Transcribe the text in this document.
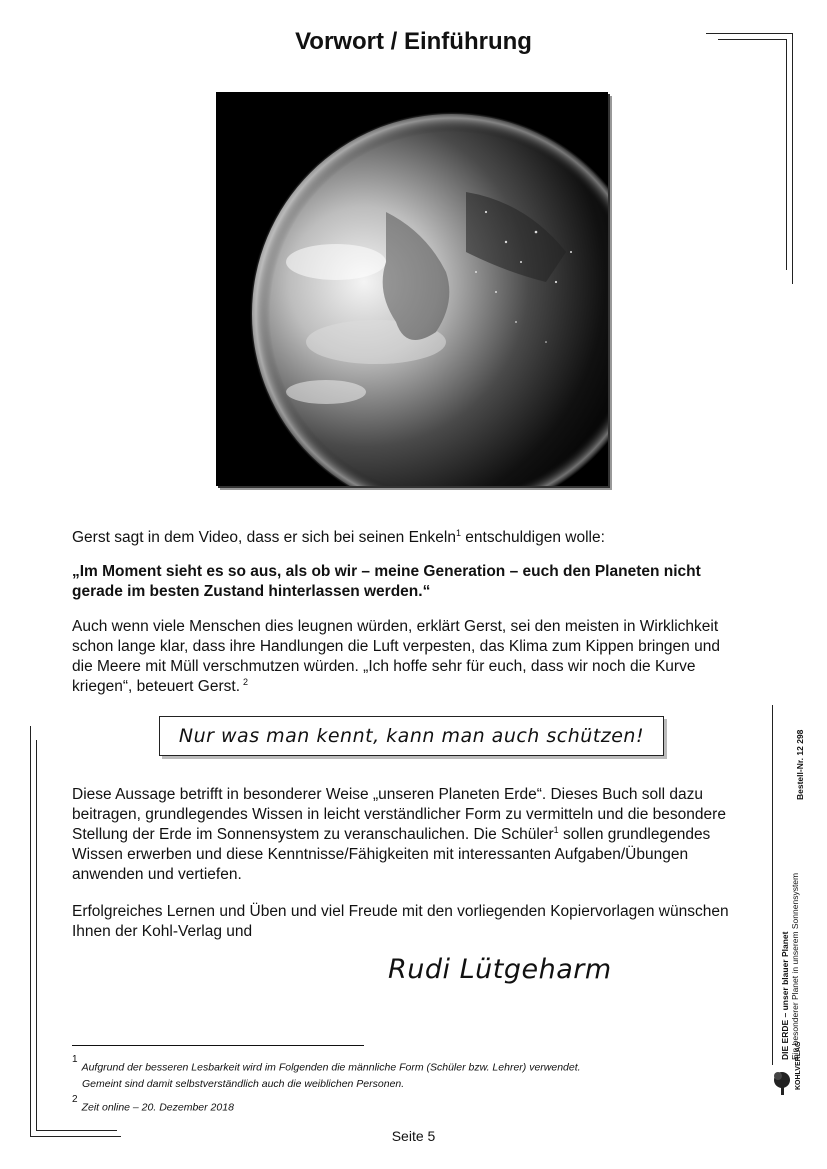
Vorwort / Einführung

Gerst sagt in dem Video, dass er sich bei seinen Enkeln$^1$ entschuldigen wolle:

„Im Moment sieht es so aus, als ob wir – meine Generation – euch den Planeten nicht gerade im besten Zustand hinterlassen werden.“

Auch wenn viele Menschen dies leugnen würden, erklärt Gerst, sei den meisten in Wirklichkeit schon lange klar, dass ihre Handlungen die Luft verpesten, das Klima zum Kippen bringen und die Meere mit Müll verschmutzen würden. „Ich hoffe sehr für euch, dass wir noch die Kurve kriegen“, beteuert Gerst. $^2$

Nur was man kennt, kann man auch schützen!

Diese Aussage betrifft in besonderer Weise „unseren Planeten Erde“. Dieses Buch soll dazu beitragen, grundlegendes Wissen in leicht verständlicher Form zu vermitteln und die besondere Stellung der Erde im Sonnensystem zu veranschaulichen. Die Schüler$^1$ sollen grundlegendes Wissen erwerben und diese Kenntnisse/Fähigkeiten mit interessanten Aufgaben/Übungen anwenden und vertiefen.

Erfolgreiches Lernen und Üben und viel Freude mit den vorliegenden Kopiervorlagen wünschen Ihnen der Kohl-Verlag und

Rudi Lütgeharm

$^1$Aufgrund der besseren Lesbarkeit wird im Folgenden die männliche Form (Schüler bzw. Lehrer) verwendet.

Gemeint sind damit selbstverständlich auch die weiblichen Personen.

$^2$Zeit online – 20. Dezember 2018

Seite 5

DIE ERDE – unser blauer Planet Ein besonderer Planet in unserem Sonnensystem
Bestell-Nr. 12 298
KOHLVERLAG
